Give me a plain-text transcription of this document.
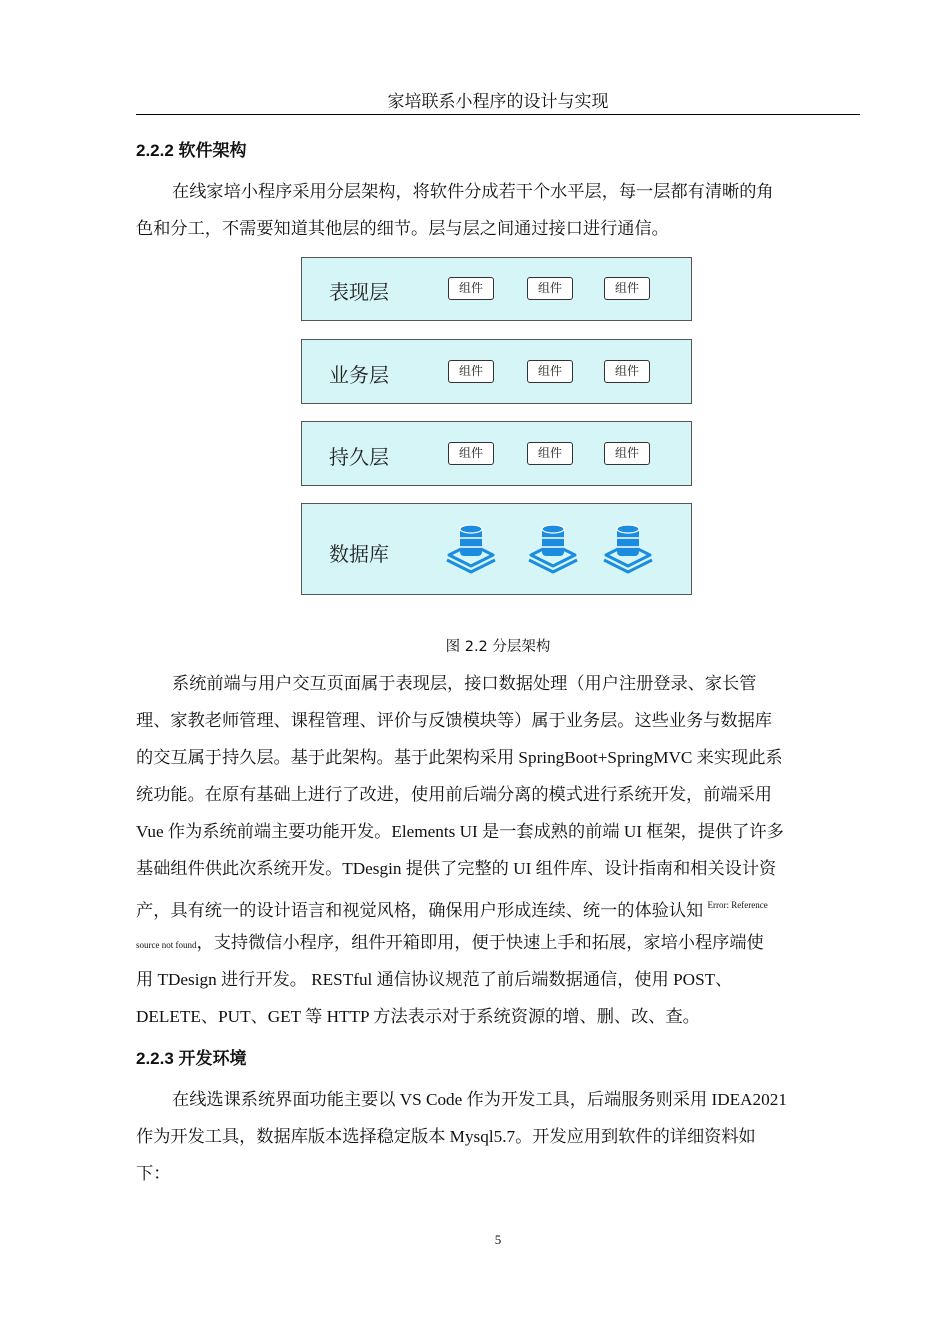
家培联系小程序的设计与实现
2.2.2 软件架构
在线家培小程序采用分层架构，将软件分成若干个水平层，每一层都有清晰的角
色和分工，不需要知道其他层的细节。层与层之间通过接口进行通信。
表现层	组件	组件	组件
业务层	组件	组件	组件
持久层	组件	组件	组件
数据库
图 2.2 分层架构
系统前端与用户交互页面属于表现层，接口数据处理（用户注册登录、家长管
理、家教老师管理、课程管理、评价与反馈模块等）属于业务层。这些业务与数据库
的交互属于持久层。基于此架构。基于此架构采用 SpringBoot+SpringMVC 来实现此系
统功能。在原有基础上进行了改进，使用前后端分离的模式进行系统开发，前端采用
Vue 作为系统前端主要功能开发。Elements UI 是一套成熟的前端 UI 框架，提供了许多
基础组件供此次系统开发。TDesgin 提供了完整的 UI 组件库、设计指南和相关设计资
产，具有统一的设计语言和视觉风格，确保用户形成连续、统一的体验认知 $^{Error: Reference}$
source not found，支持微信小程序，组件开箱即用，便于快速上手和拓展，家培小程序端使
用 TDesign 进行开发。 RESTful 通信协议规范了前后端数据通信，使用 POST、
DELETE、PUT、GET 等 HTTP 方法表示对于系统资源的增、删、改、查。
2.2.3 开发环境
在线选课系统界面功能主要以 VS Code 作为开发工具，后端服务则采用 IDEA2021
作为开发工具，数据库版本选择稳定版本 Mysql5.7。开发应用到软件的详细资料如
下：
5
